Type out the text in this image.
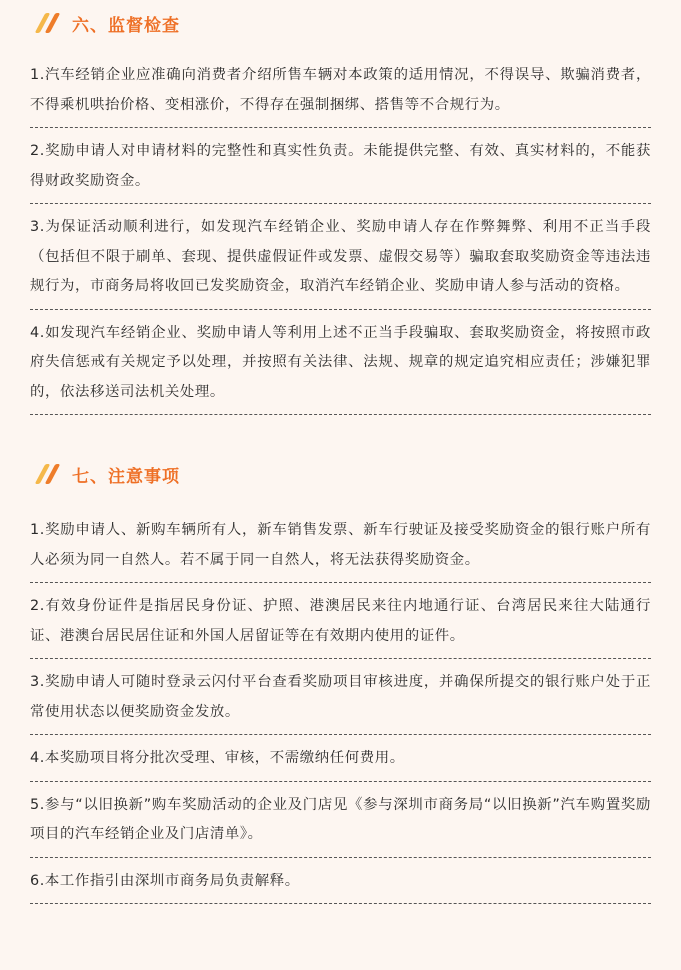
六、监督检查
1.汽车经销企业应准确向消费者介绍所售车辆对本政策的适用情况，不得误导、欺骗消费者，不得乘机哄抬价格、变相涨价，不得存在强制捆绑、搭售等不合规行为。
2.奖励申请人对申请材料的完整性和真实性负责。未能提供完整、有效、真实材料的，不能获得财政奖励资金。
3.为保证活动顺利进行，如发现汽车经销企业、奖励申请人存在作弊舞弊、利用不正当手段（包括但不限于刷单、套现、提供虚假证件或发票、虚假交易等）骗取套取奖励资金等违法违规行为，市商务局将收回已发奖励资金，取消汽车经销企业、奖励申请人参与活动的资格。
4.如发现汽车经销企业、奖励申请人等利用上述不正当手段骗取、套取奖励资金，将按照市政府失信惩戒有关规定予以处理，并按照有关法律、法规、规章的规定追究相应责任；涉嫌犯罪的，依法移送司法机关处理。
七、注意事项
1.奖励申请人、新购车辆所有人，新车销售发票、新车行驶证及接受奖励资金的银行账户所有人必须为同一自然人。若不属于同一自然人，将无法获得奖励资金。
2.有效身份证件是指居民身份证、护照、港澳居民来往内地通行证、台湾居民来往大陆通行证、港澳台居民居住证和外国人居留证等在有效期内使用的证件。
3.奖励申请人可随时登录云闪付平台查看奖励项目审核进度，并确保所提交的银行账户处于正常使用状态以便奖励资金发放。
4.本奖励项目将分批次受理、审核，不需缴纳任何费用。
5.参与“以旧换新”购车奖励活动的企业及门店见《参与深圳市商务局“以旧换新”汽车购置奖励项目的汽车经销企业及门店清单》。
6.本工作指引由深圳市商务局负责解释。
